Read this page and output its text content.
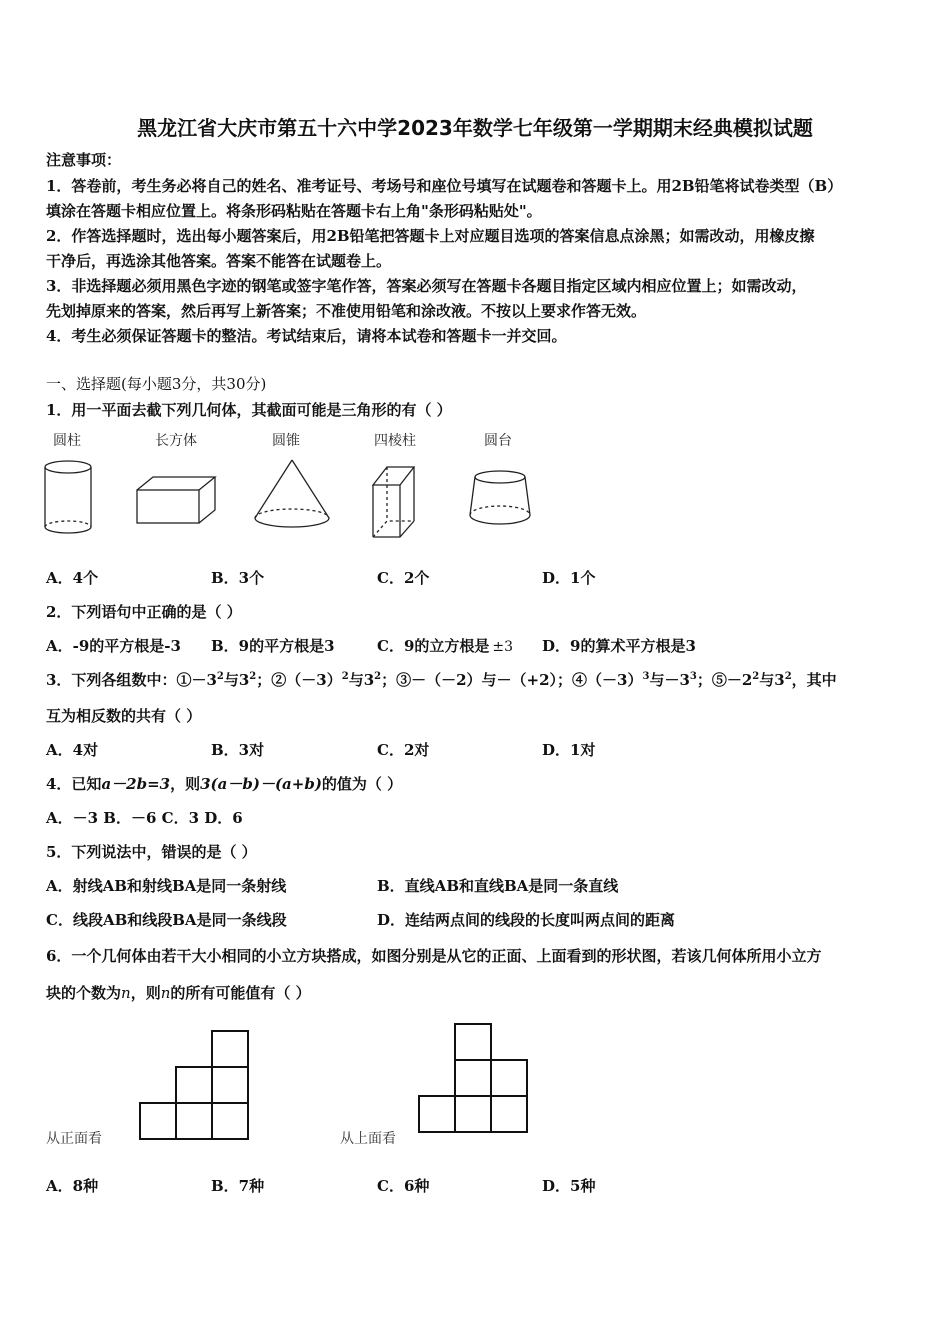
黑龙江省大庆市第五十六中学2023年数学七年级第一学期期末经典模拟试题
注意事项：
1．答卷前，考生务必将自己的姓名、准考证号、考场号和座位号填写在试题卷和答题卡上。用2B铅笔将试卷类型（B）
填涂在答题卡相应位置上。将条形码粘贴在答题卡右上角"条形码粘贴处"。
2．作答选择题时，选出每小题答案后，用2B铅笔把答题卡上对应题目选项的答案信息点涂黑；如需改动，用橡皮擦
干净后，再选涂其他答案。答案不能答在试题卷上。
3．非选择题必须用黑色字迹的钢笔或签字笔作答，答案必须写在答题卡各题目指定区域内相应位置上；如需改动，
先划掉原来的答案，然后再写上新答案；不准使用铅笔和涂改液。不按以上要求作答无效。
4．考生必须保证答题卡的整洁。考试结束后，请将本试卷和答题卡一并交回。
一、选择题(每小题3分，共30分)
1．用一平面去截下列几何体，其截面可能是三角形的有（ ）
圆柱	长方体	圆锥	四棱柱	圆台
A．4个	B．3个	C．2个	D．1个
2．下列语句中正确的是（ ）
A．-9的平方根是-3 B．9的平方根是3	C．9的立方根是 ±3 D．9的算术平方根是3
3．下列各组数中：$①-3^2$与$3^2$；$②(-3)^2$与$3^2$；③－（－2）与－（+2）；$④(-3)^3$与$-3^3$；$⑤-2^2$与$3^2$，其中
互为相反数的共有（ ）
A．4对	B．3对	C．2对	D．1对
4．已知a－2b=3，则3(a－b)－(a+b)的值为（ ）
A．－3 B．－6 C．3 D．6
5．下列说法中，错误的是（ ）
A．射线AB和射线BA是同一条射线	B．直线AB和直线BA是同一条直线
C．线段AB和线段BA是同一条线段	D．连结两点间的线段的长度叫两点间的距离
6．一个几何体由若干大小相同的小立方块搭成，如图分别是从它的正面、上面看到的形状图，若该几何体所用小立方
块的个数为n，则n的所有可能值有（ ）
从正面看	从上面看
A．8种	B．7种	C．6种	D．5种
